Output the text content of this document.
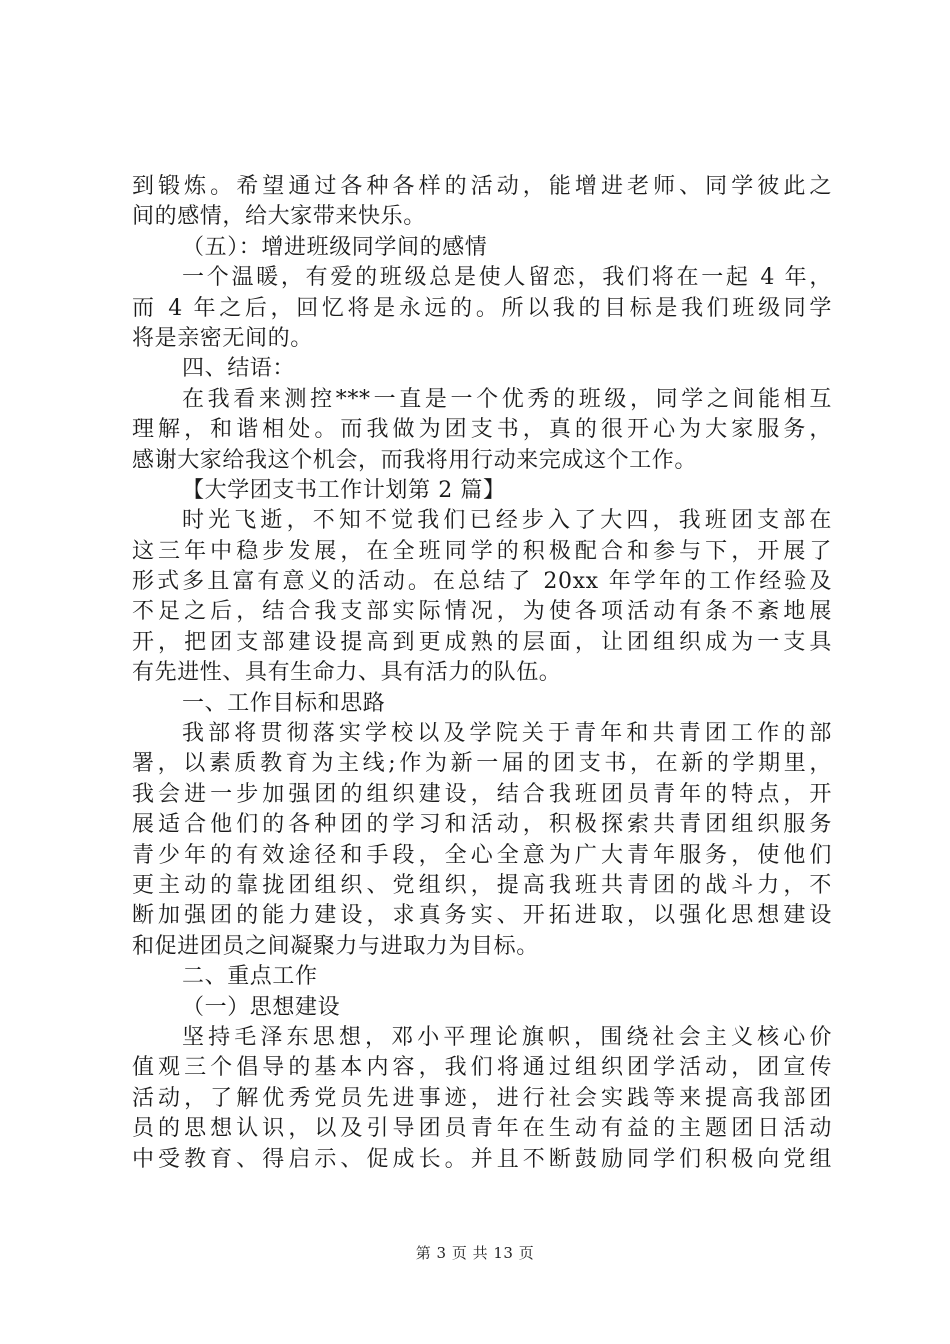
到锻炼。希望通过各种各样的活动，能增进老师、同学彼此之
间的感情，给大家带来快乐。
（五）：增进班级同学间的感情
一个温暖，有爱的班级总是使人留恋，我们将在一起 4 年，
而 4 年之后，回忆将是永远的。所以我的目标是我们班级同学
将是亲密无间的。
四、结语：
在我看来测控***一直是一个优秀的班级，同学之间能相互
理解，和谐相处。而我做为团支书，真的很开心为大家服务，
感谢大家给我这个机会，而我将用行动来完成这个工作。
【大学团支书工作计划第 2 篇】
时光飞逝，不知不觉我们已经步入了大四，我班团支部在
这三年中稳步发展，在全班同学的积极配合和参与下，开展了
形式多且富有意义的活动。在总结了 20xx 年学年的工作经验及
不足之后，结合我支部实际情况，为使各项活动有条不紊地展
开，把团支部建设提高到更成熟的层面，让团组织成为一支具
有先进性、具有生命力、具有活力的队伍。
一、工作目标和思路
我部将贯彻落实学校以及学院关于青年和共青团工作的部
署，以素质教育为主线;作为新一届的团支书，在新的学期里，
我会进一步加强团的组织建设，结合我班团员青年的特点，开
展适合他们的各种团的学习和活动，积极探索共青团组织服务
青少年的有效途径和手段，全心全意为广大青年服务，使他们
更主动的靠拢团组织、党组织，提高我班共青团的战斗力，不
断加强团的能力建设，求真务实、开拓进取，以强化思想建设
和促进团员之间凝聚力与进取力为目标。
二、重点工作
（一）思想建设
坚持毛泽东思想，邓小平理论旗帜，围绕社会主义核心价
值观三个倡导的基本内容，我们将通过组织团学活动，团宣传
活动，了解优秀党员先进事迹，进行社会实践等来提高我部团
员的思想认识，以及引导团员青年在生动有益的主题团日活动
中受教育、得启示、促成长。并且不断鼓励同学们积极向党组
第 3 页 共 13 页
